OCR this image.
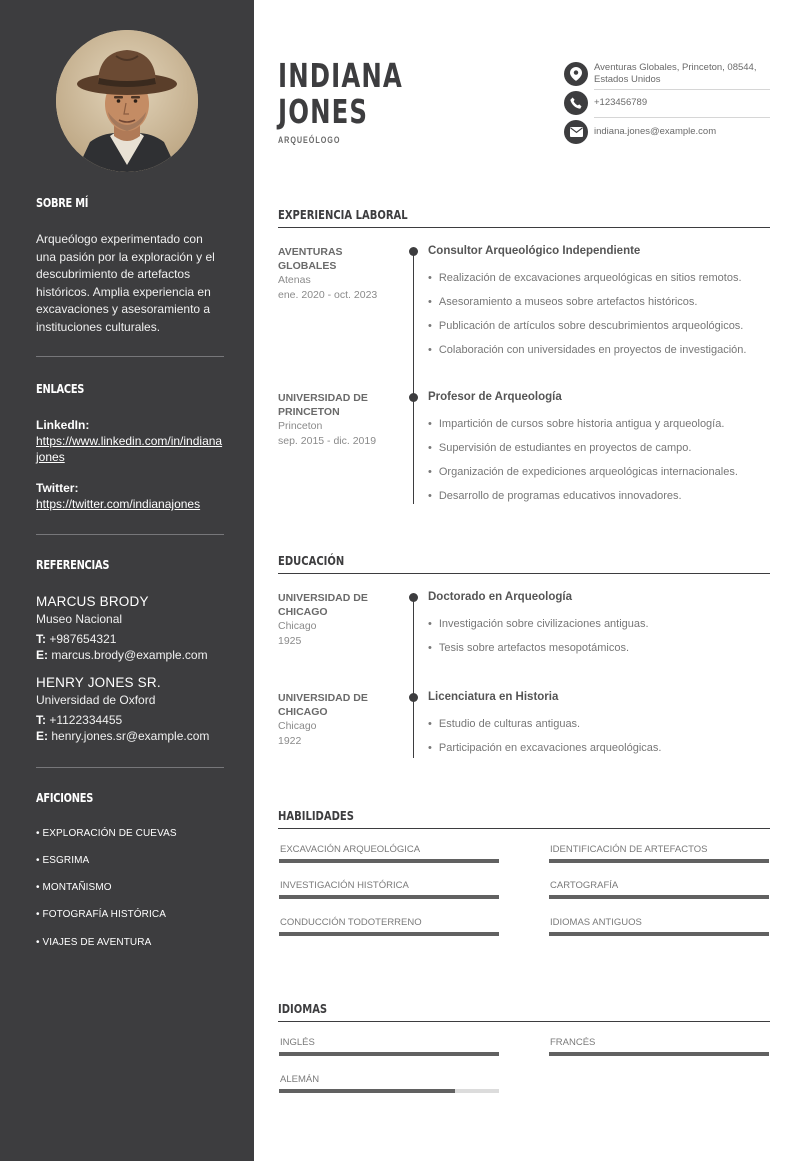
SOBRE MÍ
Arqueólogo experimentado con una pasión por la exploración y el descubrimiento de artefactos históricos. Amplia experiencia en excavaciones y asesoramiento a instituciones culturales.
ENLACES
LinkedIn:
https://www.linkedin.com/in/indianajones
Twitter:
https://twitter.com/indianajones
REFERENCIAS
MARCUS BRODY
Museo Nacional
T: +987654321
E: marcus.brody@example.com
HENRY JONES SR.
Universidad de Oxford
T: +1122334455
E: henry.jones.sr@example.com
AFICIONES
• EXPLORACIÓN DE CUEVAS
• ESGRIMA
• MONTAÑISMO
• FOTOGRAFÍA HISTÓRICA
• VIAJES DE AVENTURA
INDIANA
JONES
ARQUEÓLOGO
Aventuras Globales, Princeton, 08544, Estados Unidos
+123456789
indiana.jones@example.com
EXPERIENCIA LABORAL
AVENTURAS GLOBALES
Atenas
ene. 2020 - oct. 2023
Consultor Arqueológico Independiente
• Realización de excavaciones arqueológicas en sitios remotos.
• Asesoramiento a museos sobre artefactos históricos.
• Publicación de artículos sobre descubrimientos arqueológicos.
• Colaboración con universidades en proyectos de investigación.
UNIVERSIDAD DE PRINCETON
Princeton
sep. 2015 - dic. 2019
Profesor de Arqueología
• Impartición de cursos sobre historia antigua y arqueología.
• Supervisión de estudiantes en proyectos de campo.
• Organización de expediciones arqueológicas internacionales.
• Desarrollo de programas educativos innovadores.
EDUCACIÓN
UNIVERSIDAD DE CHICAGO
Chicago
1925
Doctorado en Arqueología
• Investigación sobre civilizaciones antiguas.
• Tesis sobre artefactos mesopotámicos.
UNIVERSIDAD DE CHICAGO
Chicago
1922
Licenciatura en Historia
• Estudio de culturas antiguas.
• Participación en excavaciones arqueológicas.
HABILIDADES
EXCAVACIÓN ARQUEOLÓGICA	IDENTIFICACIÓN DE ARTEFACTOS
INVESTIGACIÓN HISTÓRICA	CARTOGRAFÍA
CONDUCCIÓN TODOTERRENO	IDIOMAS ANTIGUOS
IDIOMAS
INGLÉS	FRANCÉS
ALEMÁN
